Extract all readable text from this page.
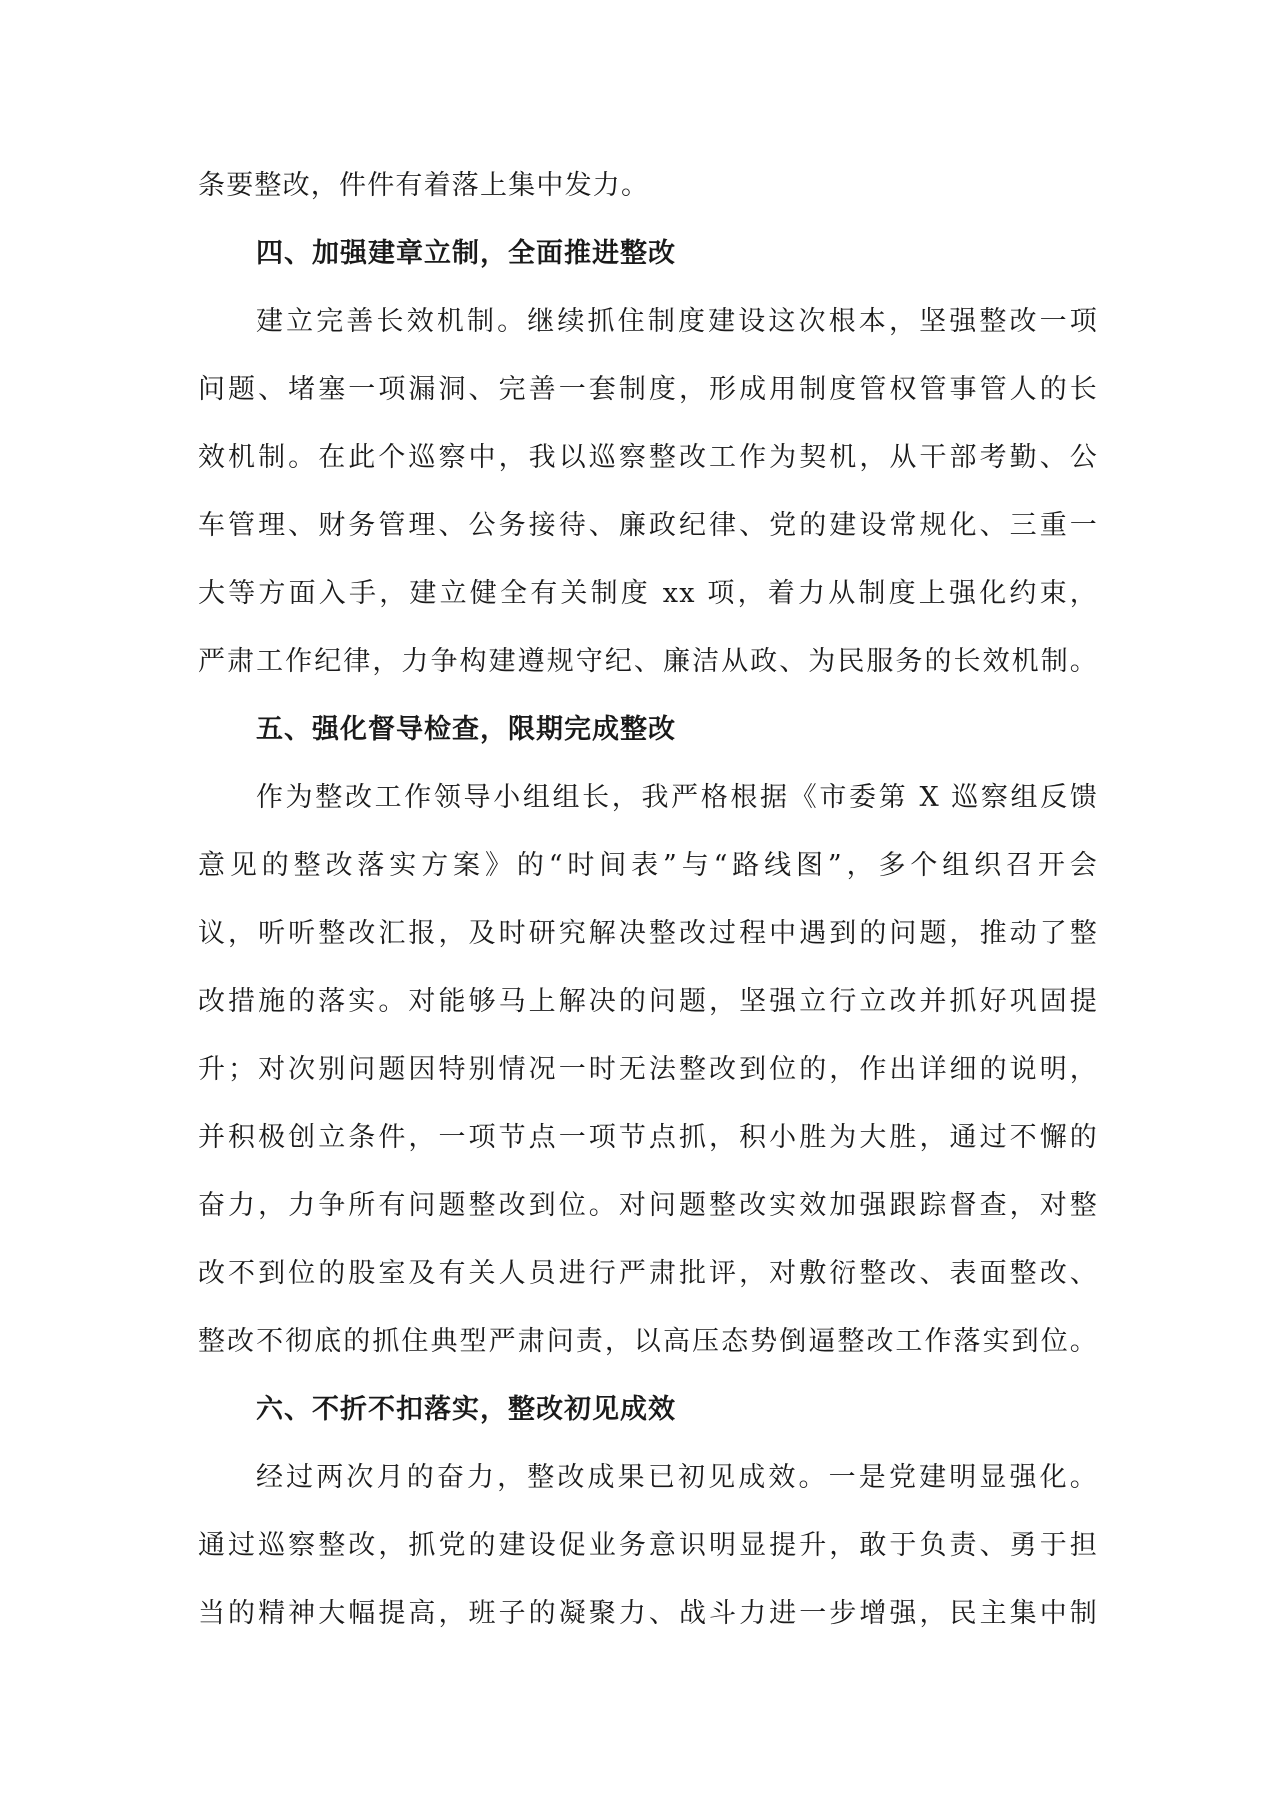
条要整改，件件有着落上集中发力。
四、加强建章立制，全面推进整改
建立完善长效机制。继续抓住制度建设这次根本，坚强整改一项
问题、堵塞一项漏洞、完善一套制度，形成用制度管权管事管人的长
效机制。在此个巡察中，我以巡察整改工作为契机，从干部考勤、公
车管理、财务管理、公务接待、廉政纪律、党的建设常规化、三重一
大等方面入手，建立健全有关制度 xx 项，着力从制度上强化约束，
严肃工作纪律，力争构建遵规守纪、廉洁从政、为民服务的长效机制。
五、强化督导检查，限期完成整改
作为整改工作领导小组组长，我严格根据《市委第 X 巡察组反馈
意见的整改落实方案》的“时间表”与“路线图”，多个组织召开会
议，听听整改汇报，及时研究解决整改过程中遇到的问题，推动了整
改措施的落实。对能够马上解决的问题，坚强立行立改并抓好巩固提
升；对次别问题因特别情况一时无法整改到位的，作出详细的说明，
并积极创立条件，一项节点一项节点抓，积小胜为大胜，通过不懈的
奋力，力争所有问题整改到位。对问题整改实效加强跟踪督查，对整
改不到位的股室及有关人员进行严肃批评，对敷衍整改、表面整改、
整改不彻底的抓住典型严肃问责，以高压态势倒逼整改工作落实到位。
六、不折不扣落实，整改初见成效
经过两次月的奋力，整改成果已初见成效。一是党建明显强化。
通过巡察整改，抓党的建设促业务意识明显提升，敢于负责、勇于担
当的精神大幅提高，班子的凝聚力、战斗力进一步增强，民主集中制
